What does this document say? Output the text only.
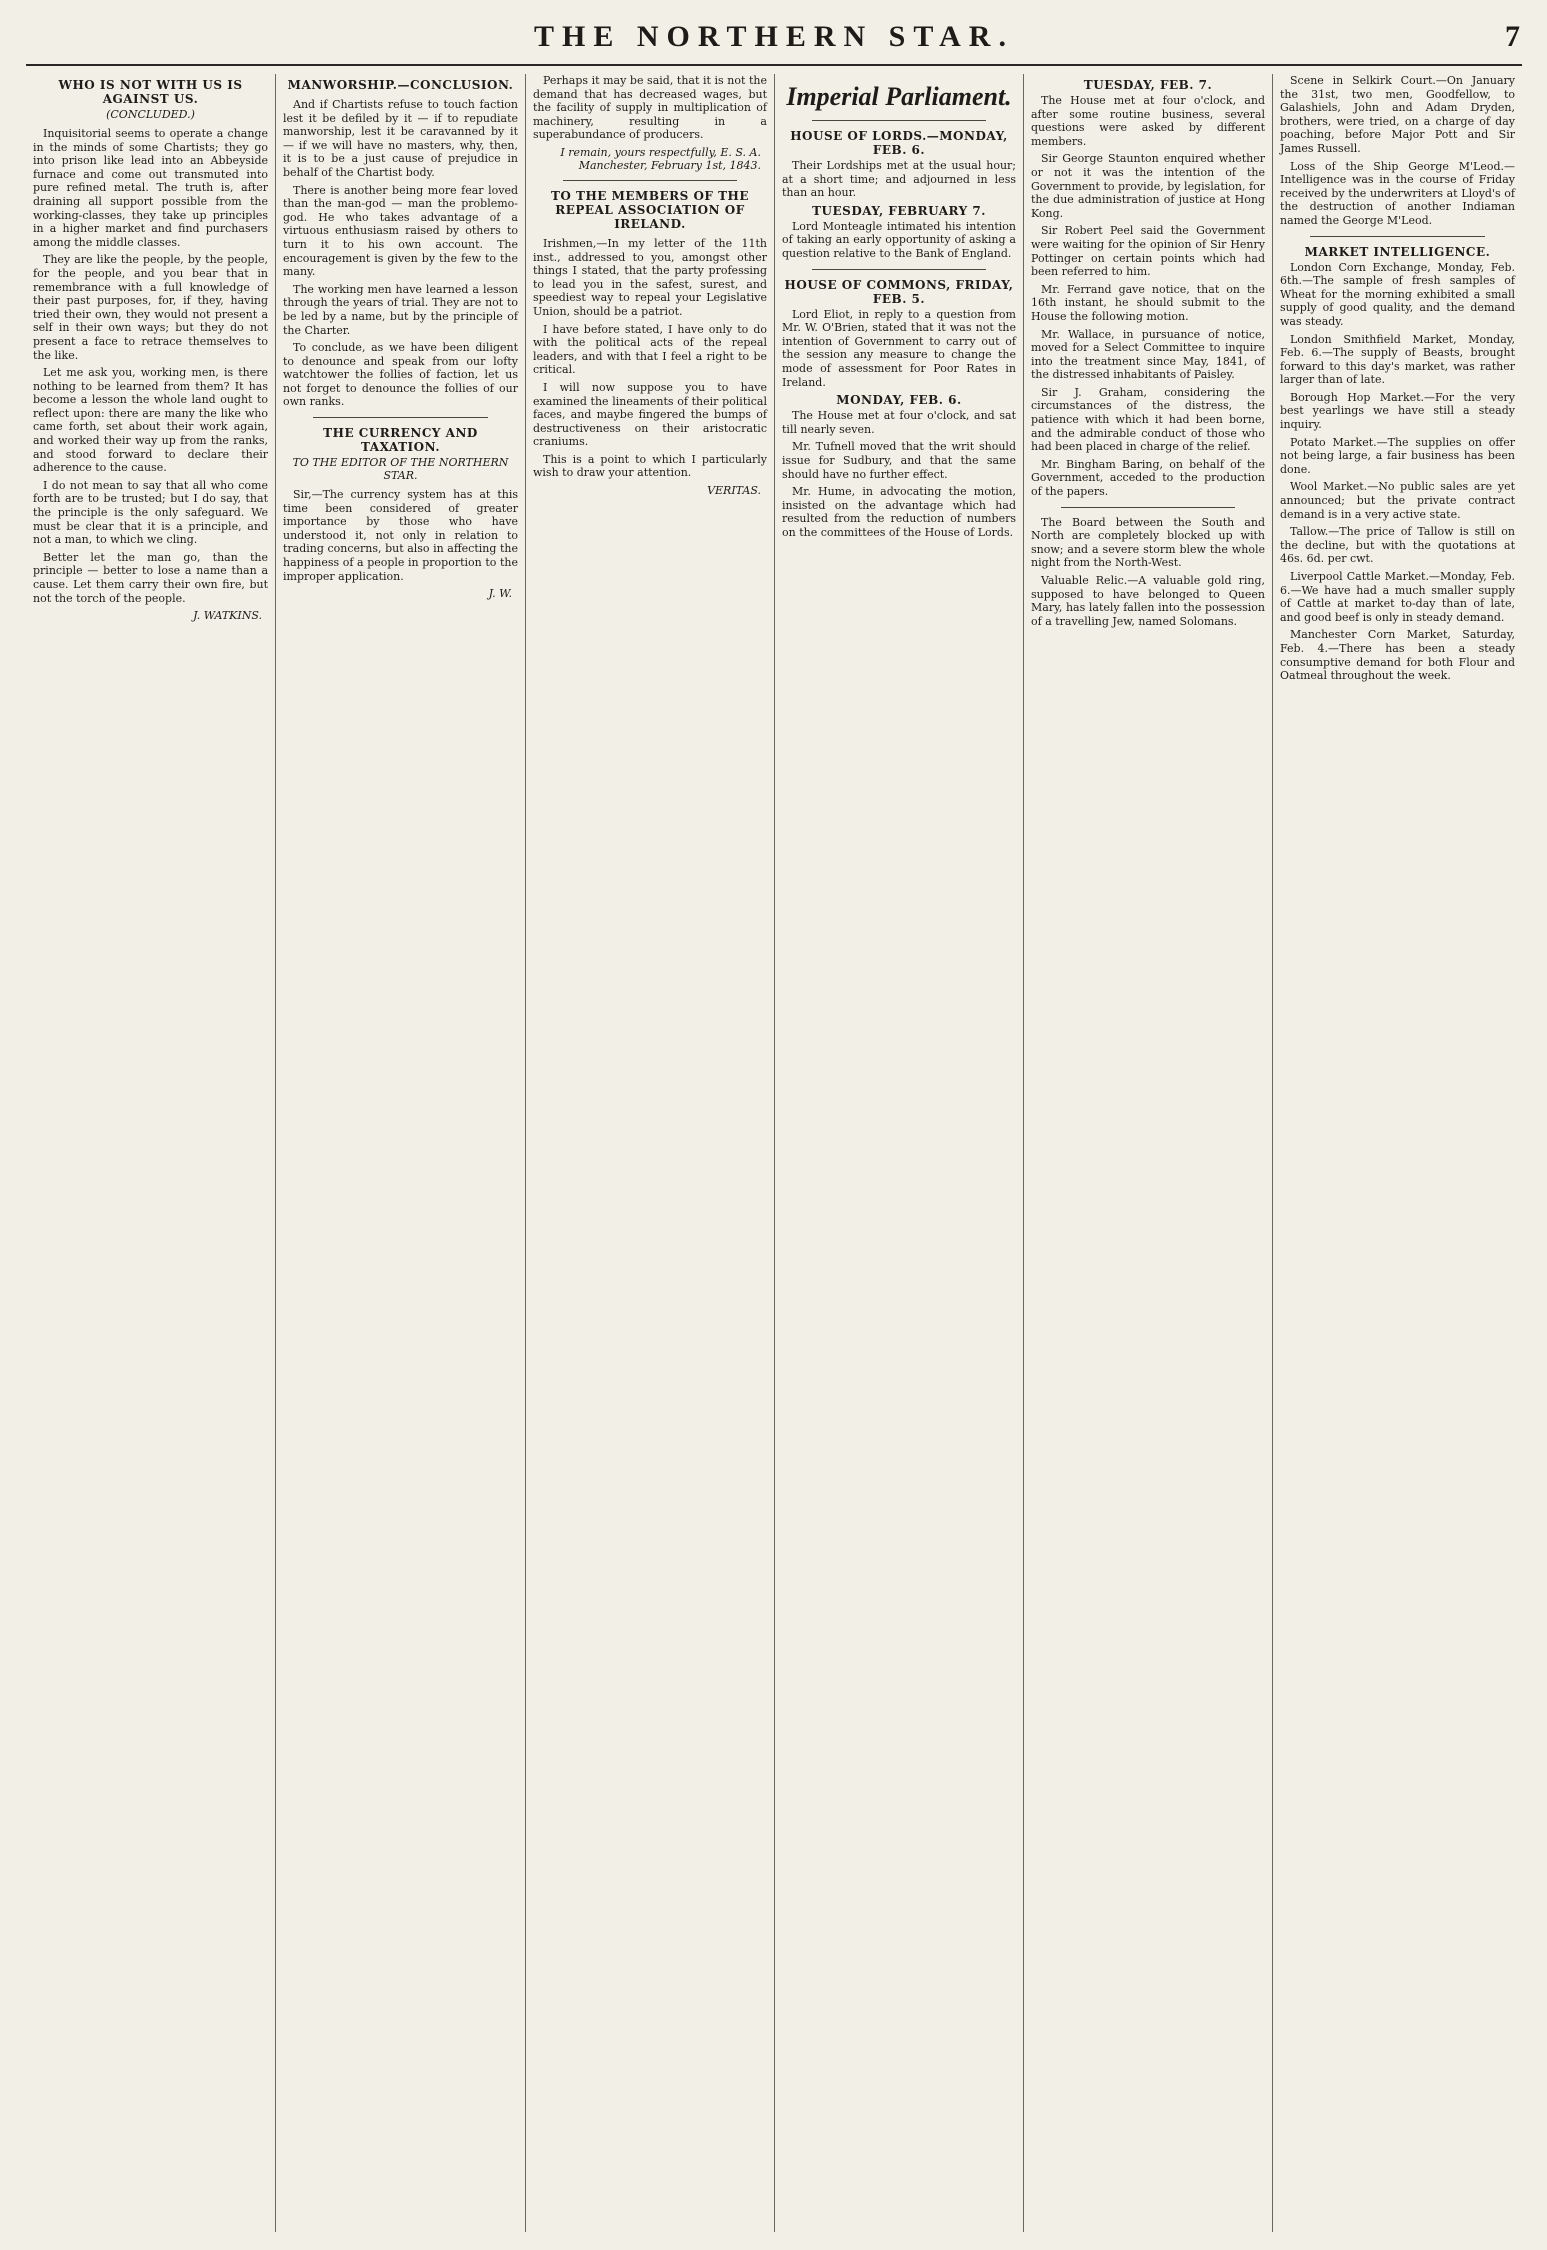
THE NORTHERN STAR.	7
WHO IS NOT WITH US IS AGAINST US.
(CONCLUDED.)

Inquisitorial seems to operate a change in the minds of some Chartists; they go into prison like lead into an Abbeyside furnace and come out transmuted into pure refined metal. The truth is, after draining all support possible from the working-classes, they take up principles in a higher market and find purchasers among the middle classes.

They are like the people, by the people, for the people, and you bear that in remembrance with a full knowledge of their past purposes, for, if they, having tried their own, they would not present a self in their own ways; but they do not present a face to retrace themselves to the like.

Let me ask you, working men, is there nothing to be learned from them? It has become a lesson the whole land ought to reflect upon: there are many the like who came forth, set about their work again, and worked their way up from the ranks, and stood forward to declare their adherence to the cause.

I do not mean to say that all who come forth are to be trusted; but I do say, that the principle is the only safeguard. We must be clear that it is a principle, and not a man, to which we cling.

Better let the man go, than the principle — better to lose a name than a cause. Let them carry their own fire, but not the torch of the people.

J. WATKINS.
MANWORSHIP.—CONCLUSION.

And if Chartists refuse to touch faction lest it be defiled by it — if to repudiate manworship, lest it be caravanned by it — if we will have no masters, why, then, it is to be a just cause of prejudice in behalf of the Chartist body.

There is another being more fear loved than the man-god — man the problemo-god. He who takes advantage of a virtuous enthusiasm raised by others to turn it to his own account. The encouragement is given by the few to the many.

The working men have learned a lesson through the years of trial. They are not to be led by a name, but by the principle of the Charter.

To conclude, as we have been diligent to denounce and speak from our lofty watchtower the follies of faction, let us not forget to denounce the follies of our own ranks.

THE CURRENCY AND TAXATION.
TO THE EDITOR OF THE NORTHERN STAR.

Sir,—The currency system has at this time been considered of greater importance by those who have understood it, not only in relation to trading concerns, but also in affecting the happiness of a people in proportion to the improper application.

J. W.

Perhaps it may be said, that it is not the demand that has decreased wages, but the facility of supply in multiplication of machinery, resulting in a superabundance of producers.

I remain, yours respectfully, E. S. A. Manchester, February 1st, 1843.
TO THE MEMBERS OF THE REPEAL ASSOCIATION OF IRELAND.

Irishmen,—In my letter of the 11th inst., addressed to you, amongst other things I stated, that the party professing to lead you in the safest, surest, and speediest way to repeal your Legislative Union, should be a patriot.

I have before stated, I have only to do with the political acts of the repeal leaders, and with that I feel a right to be critical.

I will now suppose you to have examined the lineaments of their political faces, and maybe fingered the bumps of destructiveness on their aristocratic craniums.

This is a point to which I particularly wish to draw your attention.

VERITAS.
Imperial Parliament.
HOUSE OF LORDS.—MONDAY, FEB. 6.

Their Lordships met at the usual hour; at a short time; and adjourned in less than an hour.

TUESDAY, FEBRUARY 7.

Lord Monteagle intimated his intention of taking an early opportunity of asking a question relative to the Bank of England.

HOUSE OF COMMONS, FRIDAY, FEB. 5.

Lord Eliot, in reply to a question from Mr. W. O'Brien, stated that it was not the intention of Government to carry out of the session any measure to change the mode of assessment for Poor Rates in Ireland.

MONDAY, FEB. 6.

The House met at four o'clock, and sat till nearly seven.

Mr. Tufnell moved that the writ should issue for Sudbury, and that the same should have no further effect.

Mr. Hume, in advocating the motion, insisted on the advantage which had resulted from the reduction of numbers on the committees of the House of Lords.

TUESDAY, FEB. 7.

The House met at four o'clock, and after some routine business, several questions were asked by different members.

Sir George Staunton enquired whether or not it was the intention of the Government to provide, by legislation, for the due administration of justice at Hong Kong.

Sir Robert Peel said the Government were waiting for the opinion of Sir Henry Pottinger on certain points which had been referred to him.

Mr. Ferrand gave notice, that on the 16th instant, he should submit to the House the following motion.

Mr. Wallace, in pursuance of notice, moved for a Select Committee to inquire into the treatment since May, 1841, of the distressed inhabitants of Paisley.

Sir J. Graham, considering the circumstances of the distress, the patience with which it had been borne, and the admirable conduct of those who had been placed in charge of the relief.

Mr. Bingham Baring, on behalf of the Government, acceded to the production of the papers.

The Board between the South and North are completely blocked up with snow; and a severe storm blew the whole night from the North-West.

Valuable Relic.—A valuable gold ring, supposed to have belonged to Queen Mary, has lately fallen into the possession of a travelling Jew, named Solomans.

Scene in Selkirk Court.—On January the 31st, two men, Goodfellow, to Galashiels, John and Adam Dryden, brothers, were tried, on a charge of day poaching, before Major Pott and Sir James Russell.

Loss of the Ship George M'Leod.—Intelligence was in the course of Friday received by the underwriters at Lloyd's of the destruction of another Indiaman named the George M'Leod.

MARKET INTELLIGENCE.

London Corn Exchange, Monday, Feb. 6th.—The sample of fresh samples of Wheat for the morning exhibited a small supply of good quality, and the demand was steady.

London Smithfield Market, Monday, Feb. 6.—The supply of Beasts, brought forward to this day's market, was rather larger than of late.

Borough Hop Market.—For the very best yearlings we have still a steady inquiry.

Potato Market.—The supplies on offer not being large, a fair business has been done.

Wool Market.—No public sales are yet announced; but the private contract demand is in a very active state.

Tallow.—The price of Tallow is still on the decline, but with the quotations at 46s. 6d. per cwt.

Liverpool Cattle Market.—Monday, Feb. 6.—We have had a much smaller supply of Cattle at market to-day than of late, and good beef is only in steady demand.

Manchester Corn Market, Saturday, Feb. 4.—There has been a steady consumptive demand for both Flour and Oatmeal throughout the week.
